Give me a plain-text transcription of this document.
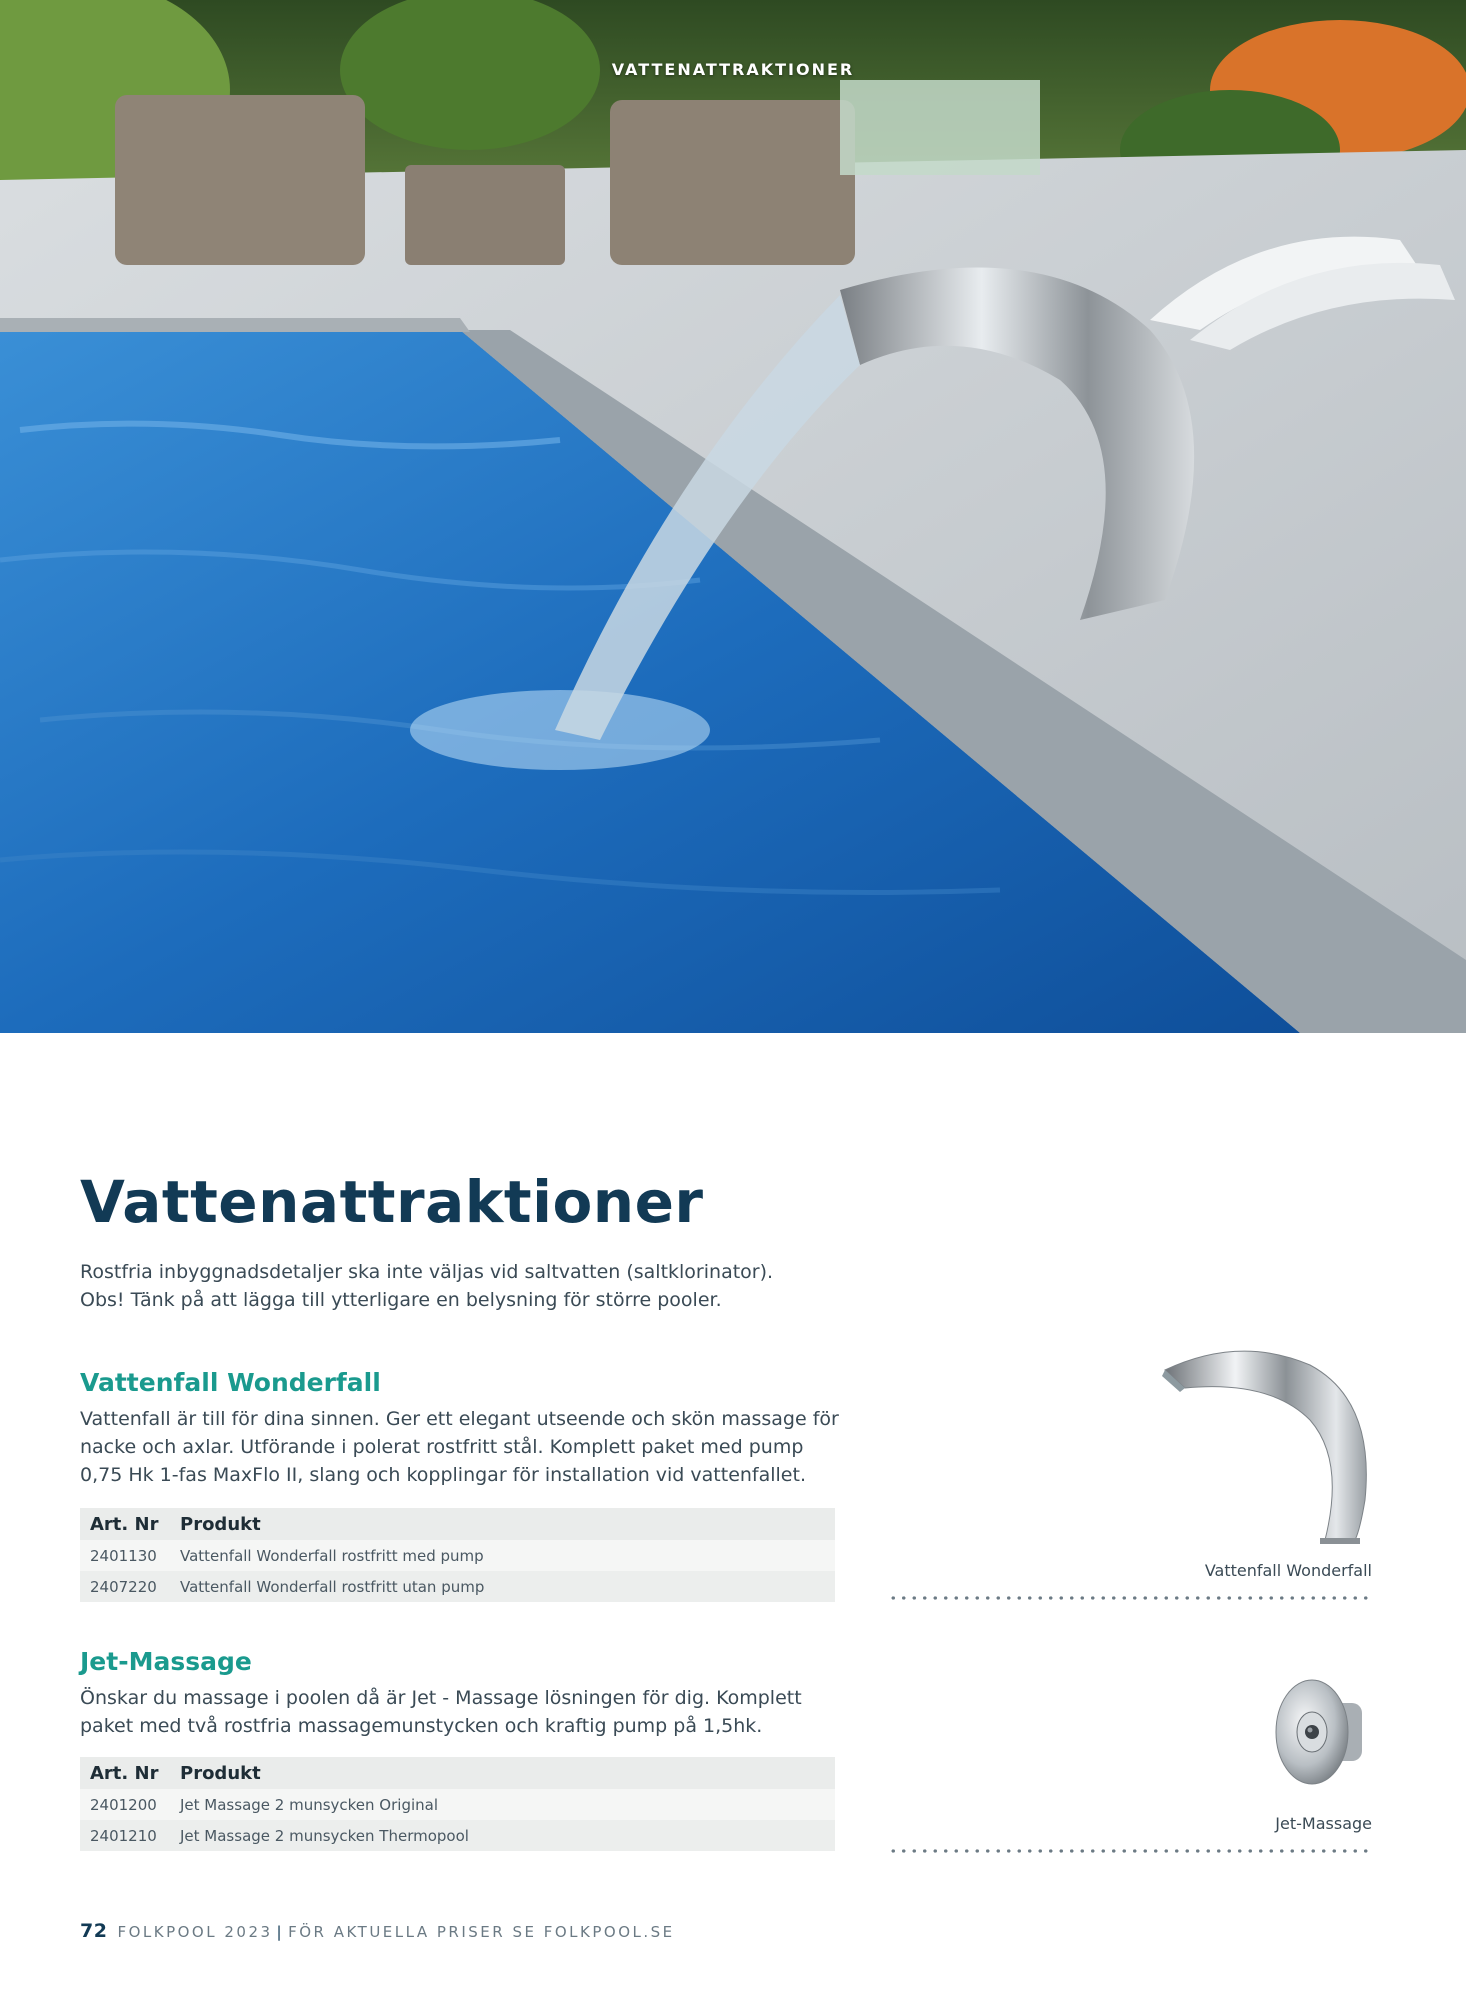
VATTENATTRAKTIONER
Vattenattraktioner

Rostfria inbyggnadsdetaljer ska inte väljas vid saltvatten (saltklorinator).

Obs! Tänk på att lägga till ytterligare en belysning för större pooler.

Vattenfall Wonderfall

Vattenfall är till för dina sinnen. Ger ett elegant utseende och skön massage för

nacke och axlar. Utförande i polerat rostfritt stål. Komplett paket med pump

0,75 Hk 1-fas MaxFlo II, slang och kopplingar för installation vid vattenfallet.

Art. Nr	Produkt
2401130	Vattenfall Wonderfall rostfritt med pump
2407220	Vattenfall Wonderfall rostfritt utan pump
Vattenfall Wonderfall
Jet-Massage

Önskar du massage i poolen då är Jet - Massage lösningen för dig. Komplett

paket med två rostfria massagemunstycken och kraftig pump på 1,5hk.

Art. Nr	Produkt
2401200	Jet Massage 2 munsycken Original
2401210	Jet Massage 2 munsycken Thermopool
Jet-Massage
72 FOLKPOOL 2023 | FÖR AKTUELLA PRISER SE FOLKPOOL.SE
